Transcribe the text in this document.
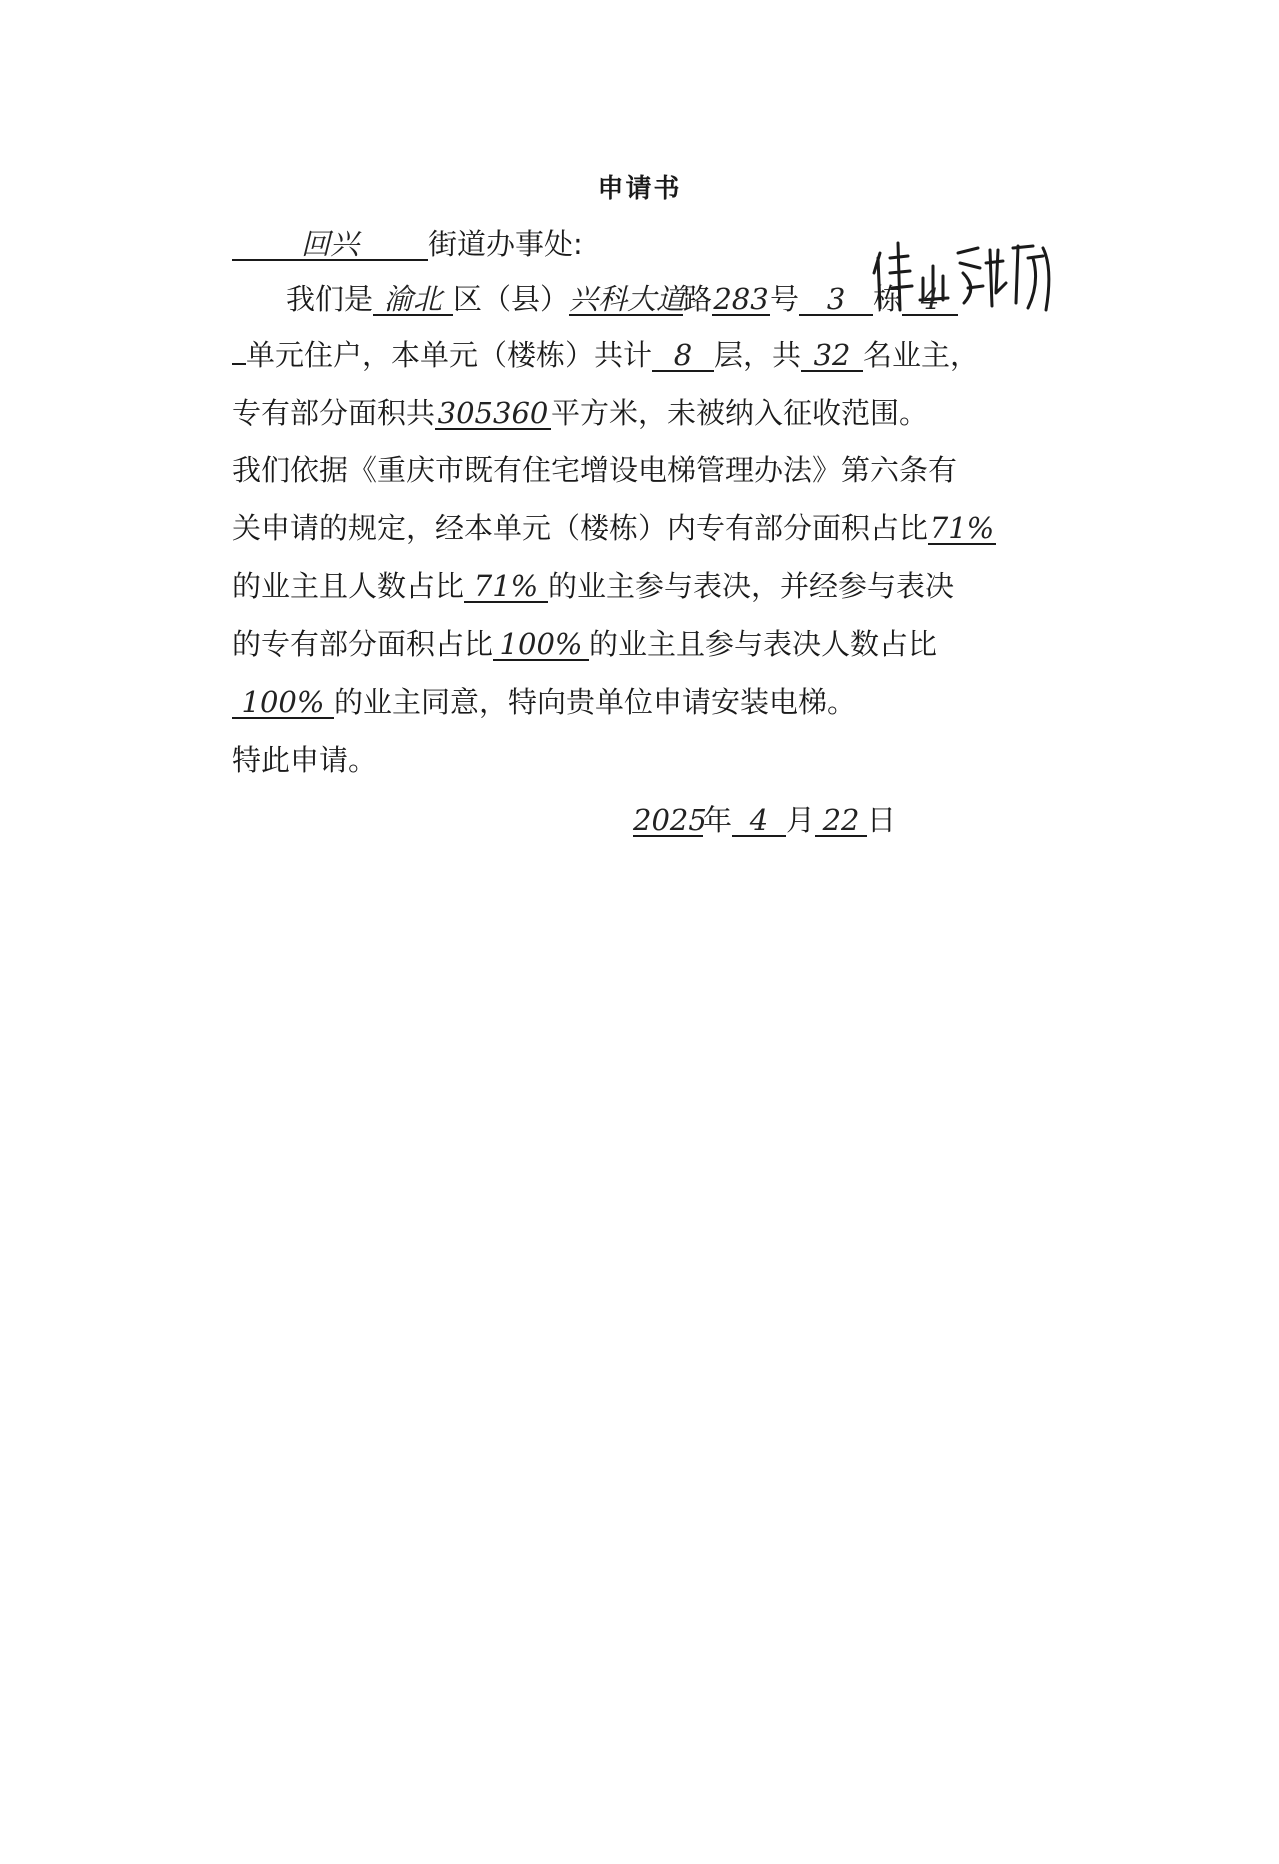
申请书
回兴 街道办事处:
我们是 渝北 区（县）兴科大道路283号 3 栋 4
单元住户，本单元（楼栋）共计 8 层，共 32 名业主，
专有部分面积共305360平方米，未被纳入征收范围。
我们依据《重庆市既有住宅增设电梯管理办法》第六条有
关申请的规定，经本单元（楼栋）内专有部分面积占比71%
的业主且人数占比 71% 的业主参与表决，并经参与表决
的专有部分面积占比 100% 的业主且参与表决人数占比
100% 的业主同意，特向贵单位申请安装电梯。
特此申请。
2025年 4 月 22 日
